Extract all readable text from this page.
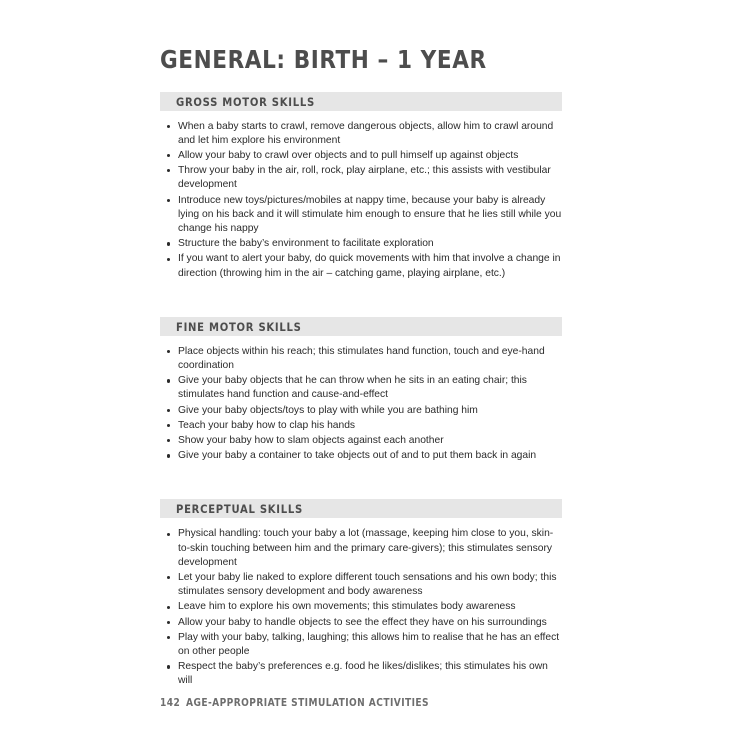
GENERAL: BIRTH – 1 YEAR
GROSS MOTOR SKILLS
When a baby starts to crawl, remove dangerous objects, allow him to crawl around and let him explore his environment
Allow your baby to crawl over objects and to pull himself up against objects
Throw your baby in the air, roll, rock, play airplane, etc.; this assists with vestibular development
Introduce new toys/pictures/mobiles at nappy time, because your baby is already lying on his back and it will stimulate him enough to ensure that he lies still while you change his nappy
Structure the baby’s environment to facilitate exploration
If you want to alert your baby, do quick movements with him that involve a change in direction (throwing him in the air – catching game, playing airplane, etc.)
FINE MOTOR SKILLS
Place objects within his reach; this stimulates hand function, touch and eye-hand coordination
Give your baby objects that he can throw when he sits in an eating chair; this stimulates hand function and cause-and-effect
Give your baby objects/toys to play with while you are bathing him
Teach your baby how to clap his hands
Show your baby how to slam objects against each another
Give your baby a container to take objects out of and to put them back in again
PERCEPTUAL SKILLS
Physical handling: touch your baby a lot (massage, keeping him close to you, skin-to-skin touching between him and the primary care-givers); this stimulates sensory development
Let your baby lie naked to explore different touch sensations and his own body; this stimulates sensory development and body awareness
Leave him to explore his own movements; this stimulates body awareness
Allow your baby to handle objects to see the effect they have on his surroundings
Play with your baby, talking, laughing; this allows him to realise that he has an effect on other people
Respect the baby’s preferences e.g. food he likes/dislikes; this stimulates his own will
142 AGE-APPROPRIATE STIMULATION ACTIVITIES
